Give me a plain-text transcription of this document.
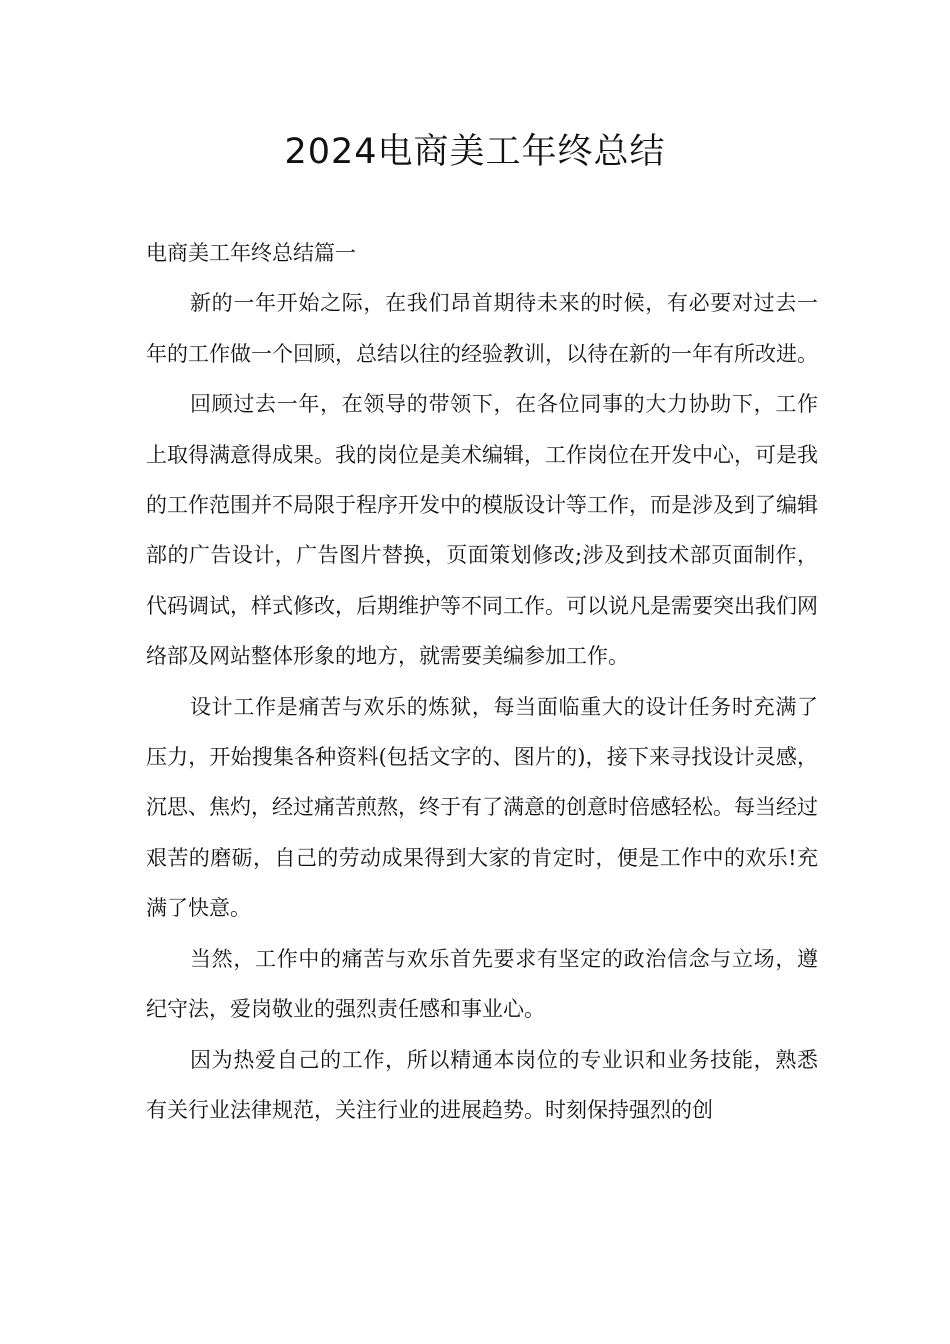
2024电商美工年终总结
电商美工年终总结篇一

新的一年开始之际，在我们昂首期待未来的时候，有必要对过去一年的工作做一个回顾，总结以往的经验教训，以待在新的一年有所改进。

回顾过去一年，在领导的带领下，在各位同事的大力协助下，工作上取得满意得成果。我的岗位是美术编辑，工作岗位在开发中心，可是我的工作范围并不局限于程序开发中的模版设计等工作，而是涉及到了编辑部的广告设计，广告图片替换，页面策划修改;涉及到技术部页面制作，代码调试，样式修改，后期维护等不同工作。可以说凡是需要突出我们网络部及网站整体形象的地方，就需要美编参加工作。

设计工作是痛苦与欢乐的炼狱，每当面临重大的设计任务时充满了压力，开始搜集各种资料(包括文字的、图片的)，接下来寻找设计灵感，沉思、焦灼，经过痛苦煎熬，终于有了满意的创意时倍感轻松。每当经过艰苦的磨砺，自己的劳动成果得到大家的肯定时，便是工作中的欢乐!充满了快意。

当然，工作中的痛苦与欢乐首先要求有坚定的政治信念与立场，遵纪守法，爱岗敬业的强烈责任感和事业心。

因为热爱自己的工作，所以精通本岗位的专业识和业务技能，熟悉有关行业法律规范，关注行业的进展趋势。时刻保持强烈的创
